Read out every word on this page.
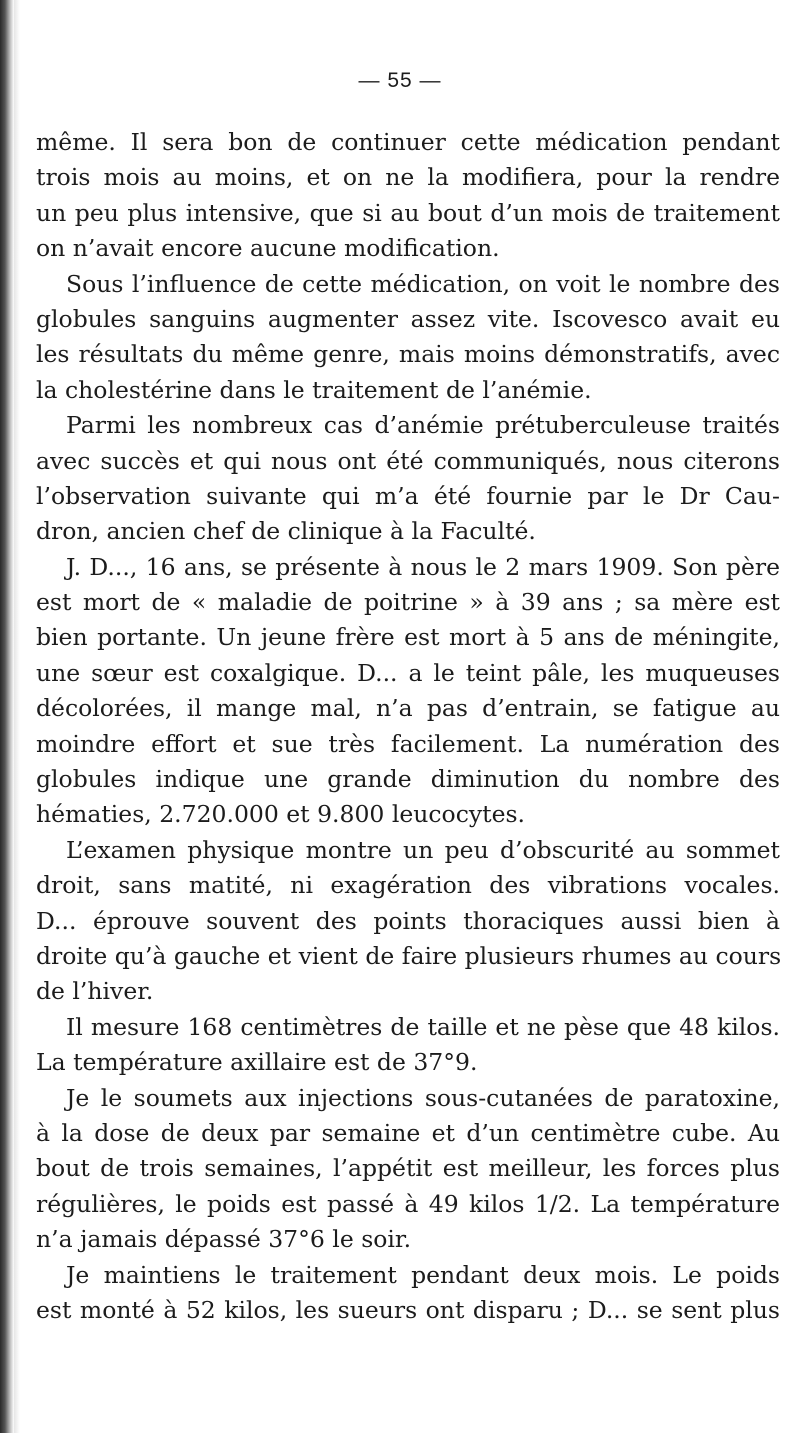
— 55 —
même. Il sera bon de continuer cette médication pendant
trois mois au moins, et on ne la modifiera, pour la rendre
un peu plus intensive, que si au bout d’un mois de traitement
on n’avait encore aucune modification.
Sous l’influence de cette médication, on voit le nombre des
globules sanguins augmenter assez vite. Iscovesco avait eu
les résultats du même genre, mais moins démonstratifs, avec
la cholestérine dans le traitement de l’anémie.
Parmi les nombreux cas d’anémie prétuberculeuse traités
avec succès et qui nous ont été communiqués, nous citerons
l’observation suivante qui m’a été fournie par le Dr Cau-
dron, ancien chef de clinique à la Faculté.
J. D..., 16 ans, se présente à nous le 2 mars 1909. Son père
est mort de « maladie de poitrine » à 39 ans ; sa mère est
bien portante. Un jeune frère est mort à 5 ans de méningite,
une sœur est coxalgique. D... a le teint pâle, les muqueuses
décolorées, il mange mal, n’a pas d’entrain, se fatigue au
moindre effort et sue très facilement. La numération des
globules indique une grande diminution du nombre des
hématies, 2.720.000 et 9.800 leucocytes.
L’examen physique montre un peu d’obscurité au sommet
droit, sans matité, ni exagération des vibrations vocales.
D... éprouve souvent des points thoraciques aussi bien à
droite qu’à gauche et vient de faire plusieurs rhumes au cours
de l’hiver.
Il mesure 168 centimètres de taille et ne pèse que 48 kilos.
La température axillaire est de 37°9.
Je le soumets aux injections sous-cutanées de paratoxine,
à la dose de deux par semaine et d’un centimètre cube. Au
bout de trois semaines, l’appétit est meilleur, les forces plus
régulières, le poids est passé à 49 kilos 1/2. La température
n’a jamais dépassé 37°6 le soir.
Je maintiens le traitement pendant deux mois. Le poids
est monté à 52 kilos, les sueurs ont disparu ; D... se sent plus
